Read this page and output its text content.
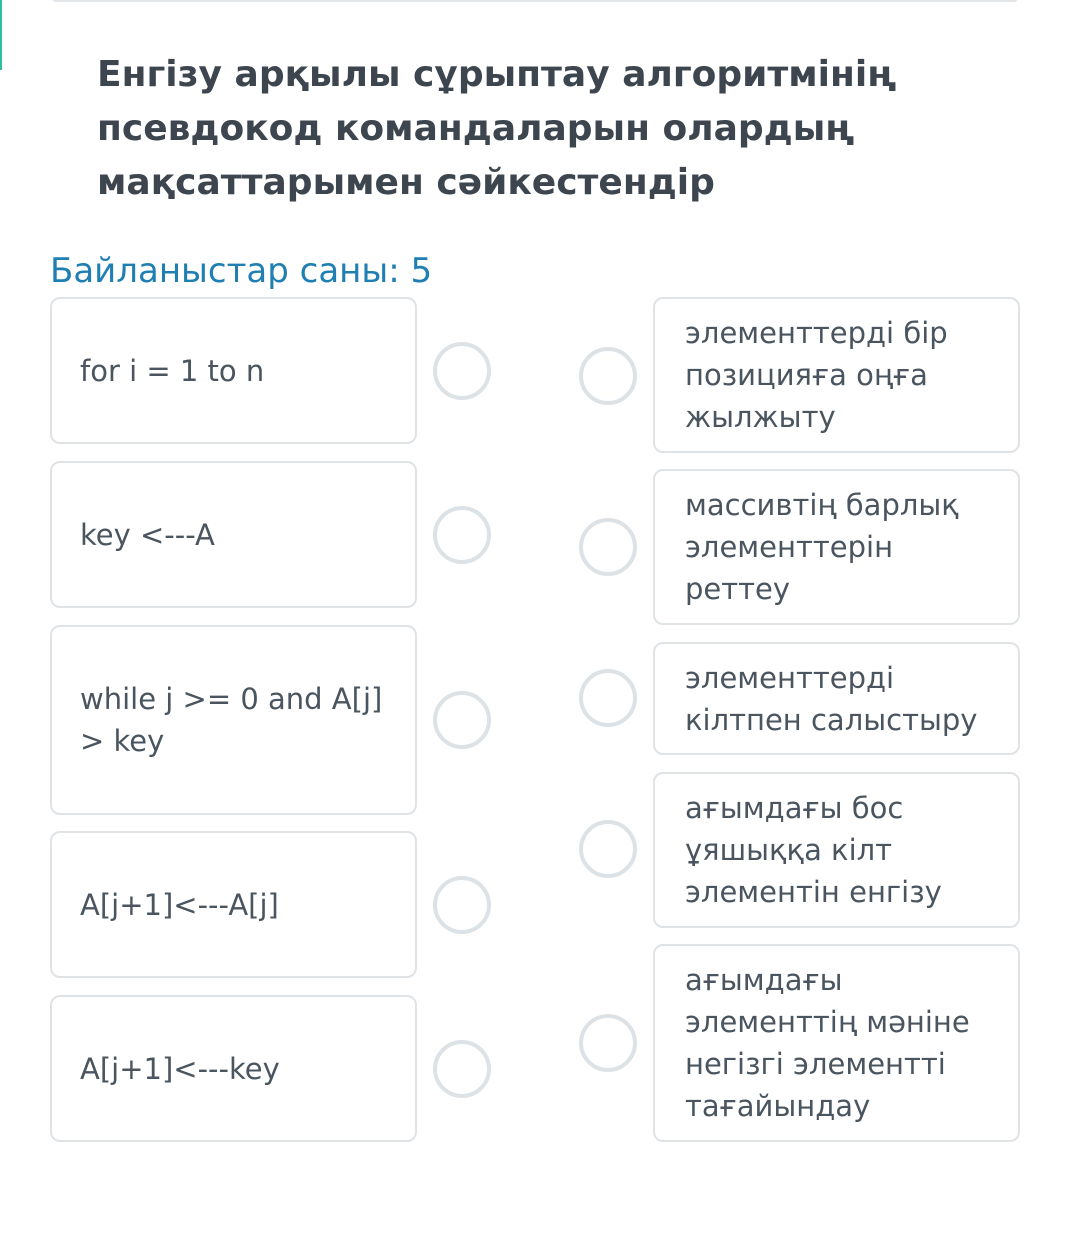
Енгізу арқылы сұрыптау алгоритмінің псевдокод командаларын олардың мақсаттарымен сәйкестендір
Байланыстар саны: 5
for i = 1 to n
key <---A
while j >= 0 and A[j] > key
A[j+1]<---A[j]
A[j+1]<---key
элементтерді бір позицияға оңға жылжыту
массивтің барлық элементтерін реттеу
элементтерді кілтпен салыстыру
ағымдағы бос ұяшыққа кілт элементін енгізу
ағымдағы элементтің мәніне негізгі элементті тағайындау
